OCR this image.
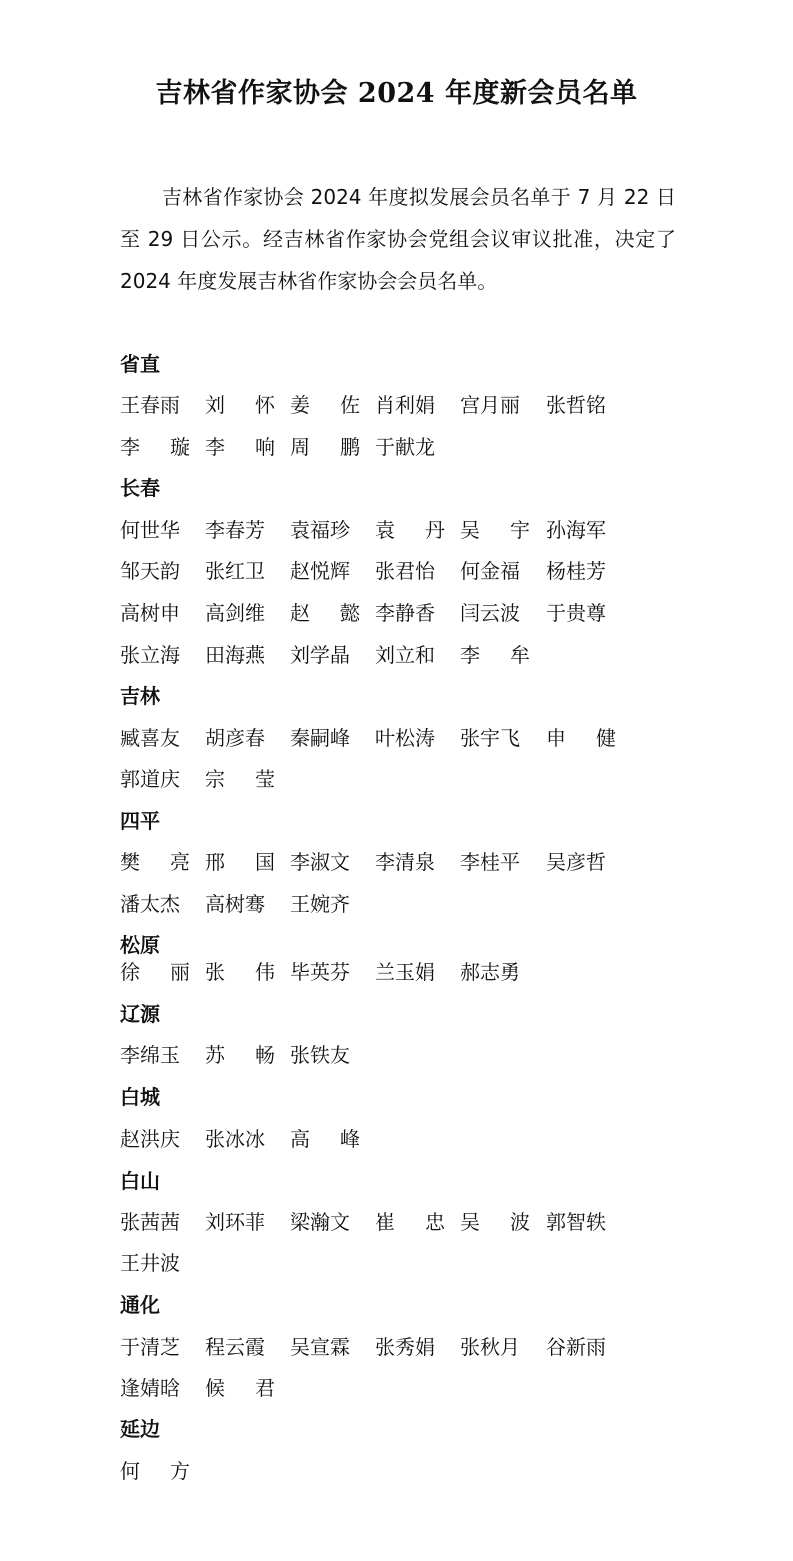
吉林省作家协会 2024 年度新会员名单
吉林省作家协会 2024 年度拟发展会员名单于 7 月 22 日至 29 日公示。经吉林省作家协会党组会议审议批准，决定了 2024 年度发展吉林省作家协会会员名单。
省直
王春雨	刘 怀 姜 佐 肖利娟	宫月丽	张哲铭
李 璇 李 响 周 鹏 于献龙
长春
何世华	李春芳	袁福珍	袁 丹 吴 宇 孙海军
邹天韵	张红卫	赵悦辉	张君怡	何金福	杨桂芳
高树申	高剑维	赵 懿 李静香	闫云波	于贵尊
张立海	田海燕	刘学晶	刘立和	李 牟
吉林
臧喜友	胡彦春	秦嗣峰	叶松涛	张宇飞	申 健
郭道庆	宗 莹
四平
樊 亮 邢 国 李淑文	李清泉	李桂平	吴彦哲
潘太杰	高树骞	王婉齐
松原
徐 丽 张 伟 毕英芬	兰玉娟	郝志勇
辽源
李绵玉	苏 畅 张铁友
白城
赵洪庆	张冰冰	高 峰
白山
张茜茜	刘环菲	梁瀚文	崔 忠 吴 波 郭智轶
王井波
通化
于清芝	程云霞	吴宣霖	张秀娟	张秋月	谷新雨
逢婧晗	候 君
延边
何 方
